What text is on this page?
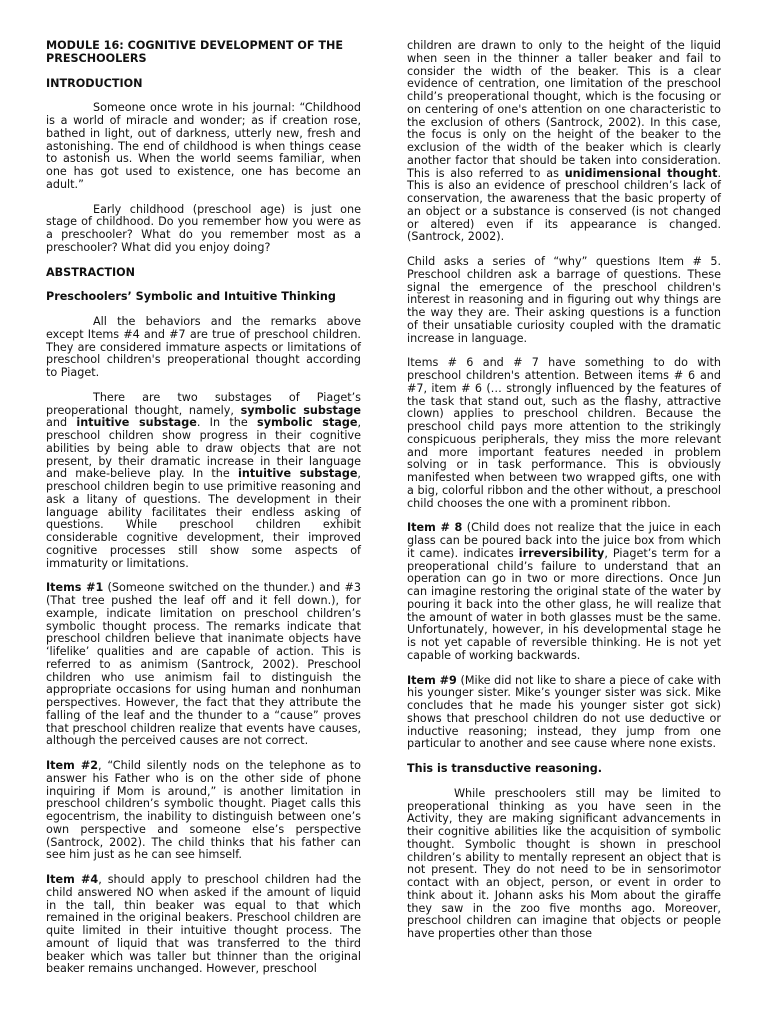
MODULE 16: COGNITIVE DEVELOPMENT OF THE PRESCHOOLERS
INTRODUCTION

Someone once wrote in his journal: “Childhood is a world of miracle and wonder; as if creation rose, bathed in light, out of darkness, utterly new, fresh and astonishing. The end of childhood is when things cease to astonish us. When the world seems familiar, when one has got used to existence, one has become an adult.”

Early childhood (preschool age) is just one stage of childhood. Do you remember how you were as a preschooler? What do you remember most as a preschooler? What did you enjoy doing?

ABSTRACTION
Preschoolers’ Symbolic and Intuitive Thinking

All the behaviors and the remarks above except Items #4 and #7 are true of preschool children. They are considered immature aspects or limitations of preschool children's preoperational thought according to Piaget.

There are two substages of Piaget’s preoperational thought, namely, symbolic substage and intuitive substage. In the symbolic stage, preschool children show progress in their cognitive abilities by being able to draw objects that are not present, by their dramatic increase in their language and make-believe play. In the intuitive substage, preschool children begin to use primitive reasoning and ask a litany of questions. The development in their language ability facilitates their endless asking of questions. While preschool children exhibit considerable cognitive development, their improved cognitive processes still show some aspects of immaturity or limitations.

Items #1 (Someone switched on the thunder.) and #3 (That tree pushed the leaf off and it fell down.), for example, indicate limitation on preschool children’s symbolic thought process. The remarks indicate that preschool children believe that inanimate objects have ‘lifelike’ qualities and are capable of action. This is referred to as animism (Santrock, 2002). Preschool children who use animism fail to distinguish the appropriate occasions for using human and nonhuman perspectives. However, the fact that they attribute the falling of the leaf and the thunder to a “cause” proves that preschool children realize that events have causes, although the perceived causes are not correct.

Item #2, “Child silently nods on the telephone as to answer his Father who is on the other side of phone inquiring if Mom is around,” is another limitation in preschool children’s symbolic thought. Piaget calls this egocentrism, the inability to distinguish between one’s own perspective and someone else’s perspective (Santrock, 2002). The child thinks that his father can see him just as he can see himself.

Item #4, should apply to preschool children had the child answered NO when asked if the amount of liquid in the tall, thin beaker was equal to that which remained in the original beakers. Preschool children are quite limited in their intuitive thought process. The amount of liquid that was transferred to the third beaker which was taller but thinner than the original beaker remains unchanged. However, preschool

children are drawn to only to the height of the liquid when seen in the thinner a taller beaker and fail to consider the width of the beaker. This is a clear evidence of centration, one limitation of the preschool child’s preoperational thought, which is the focusing or on centering of one's attention on one characteristic to the exclusion of others (Santrock, 2002). In this case, the focus is only on the height of the beaker to the exclusion of the width of the beaker which is clearly another factor that should be taken into consideration. This is also referred to as unidimensional thought. This is also an evidence of preschool children’s lack of conservation, the awareness that the basic property of an object or a substance is conserved (is not changed or altered) even if its appearance is changed. (Santrock, 2002).

Child asks a series of “why” questions Item # 5. Preschool children ask a barrage of questions. These signal the emergence of the preschool children's interest in reasoning and in figuring out why things are the way they are. Their asking questions is a function of their unsatiable curiosity coupled with the dramatic increase in language.

Items # 6 and # 7 have something to do with preschool children's attention. Between items # 6 and #7, item # 6 (… strongly influenced by the features of the task that stand out, such as the flashy, attractive clown) applies to preschool children. Because the preschool child pays more attention to the strikingly conspicuous peripherals, they miss the more relevant and more important features needed in problem solving or in task performance. This is obviously manifested when between two wrapped gifts, one with a big, colorful ribbon and the other without, a preschool child chooses the one with a prominent ribbon.

Item # 8 (Child does not realize that the juice in each glass can be poured back into the juice box from which it came). indicates irreversibility, Piaget’s term for a preoperational child’s failure to understand that an operation can go in two or more directions. Once Jun can imagine restoring the original state of the water by pouring it back into the other glass, he will realize that the amount of water in both glasses must be the same. Unfortunately, however, in his developmental stage he is not yet capable of reversible thinking. He is not yet capable of working backwards.

Item #9 (Mike did not like to share a piece of cake with his younger sister. Mike’s younger sister was sick. Mike concludes that he made his younger sister got sick) shows that preschool children do not use deductive or inductive reasoning; instead, they jump from one particular to another and see cause where none exists.

This is transductive reasoning.

While preschoolers still may be limited to preoperational thinking as you have seen in the Activity, they are making significant advancements in their cognitive abilities like the acquisition of symbolic thought. Symbolic thought is shown in preschool children’s ability to mentally represent an object that is not present. They do not need to be in sensorimotor contact with an object, person, or event in order to think about it. Johann asks his Mom about the giraffe they saw in the zoo five months ago. Moreover, preschool children can imagine that objects or people have properties other than those
